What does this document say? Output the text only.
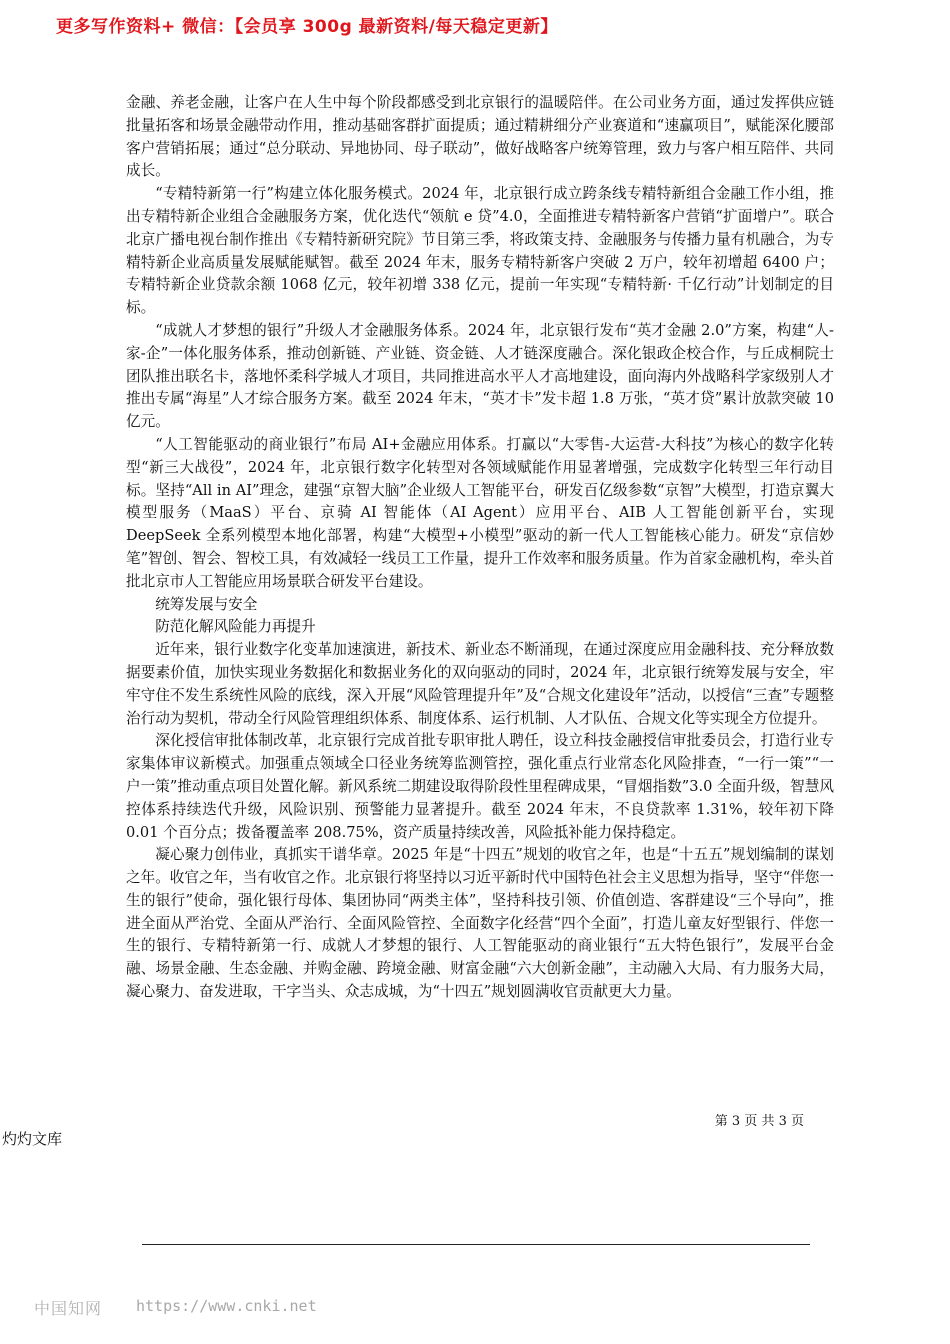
更多写作资料+ 微信：【会员享 300g 最新资料/每天稳定更新】

金融、养老金融，让客户在人生中每个阶段都感受到北京银行的温暖陪伴。在公司业务方面，通过发挥供应链批量拓客和场景金融带动作用，推动基础客群扩面提质；通过精耕细分产业赛道和“速赢项目”，赋能深化腰部客户营销拓展；通过“总分联动、异地协同、母子联动”，做好战略客户统筹管理，致力与客户相互陪伴、共同成长。

“专精特新第一行”构建立体化服务模式。2024 年，北京银行成立跨条线专精特新组合金融工作小组，推出专精特新企业组合金融服务方案，优化迭代“领航 e 贷”4.0，全面推进专精特新客户营销“扩面增户”。联合北京广播电视台制作推出《专精特新研究院》节目第三季，将政策支持、金融服务与传播力量有机融合，为专精特新企业高质量发展赋能赋智。截至 2024 年末，服务专精特新客户突破 2 万户，较年初增超 6400 户；专精特新企业贷款余额 1068 亿元，较年初增 338 亿元，提前一年实现“专精特新· 千亿行动”计划制定的目标。

“成就人才梦想的银行”升级人才金融服务体系。2024 年，北京银行发布“英才金融 2.0”方案，构建“人-家-企”一体化服务体系，推动创新链、产业链、资金链、人才链深度融合。深化银政企校合作，与丘成桐院士团队推出联名卡，落地怀柔科学城人才项目，共同推进高水平人才高地建设，面向海内外战略科学家级别人才推出专属“海星”人才综合服务方案。截至 2024 年末，“英才卡”发卡超 1.8 万张，“英才贷”累计放款突破 10 亿元。

“人工智能驱动的商业银行”布局 AI+金融应用体系。打赢以“大零售-大运营-大科技”为核心的数字化转型“新三大战役”，2024 年，北京银行数字化转型对各领域赋能作用显著增强，完成数字化转型三年行动目标。坚持“All in AI”理念，建强“京智大脑”企业级人工智能平台，研发百亿级参数“京智”大模型，打造京翼大模型服务（MaaS）平台、京骑 AI 智能体（AI Agent）应用平台、AIB 人工智能创新平台，实现 DeepSeek 全系列模型本地化部署，构建“大模型+小模型”驱动的新一代人工智能核心能力。研发“京信妙笔”智创、智会、智校工具，有效减轻一线员工工作量，提升工作效率和服务质量。作为首家金融机构，牵头首批北京市人工智能应用场景联合研发平台建设。

统筹发展与安全

防范化解风险能力再提升

近年来，银行业数字化变革加速演进，新技术、新业态不断涌现，在通过深度应用金融科技、充分释放数据要素价值，加快实现业务数据化和数据业务化的双向驱动的同时，2024 年，北京银行统筹发展与安全，牢牢守住不发生系统性风险的底线，深入开展“风险管理提升年”及“合规文化建设年”活动，以授信“三查”专题整治行动为契机，带动全行风险管理组织体系、制度体系、运行机制、人才队伍、合规文化等实现全方位提升。

深化授信审批体制改革，北京银行完成首批专职审批人聘任，设立科技金融授信审批委员会，打造行业专家集体审议新模式。加强重点领域全口径业务统筹监测管控，强化重点行业常态化风险排查，“一行一策”“一户一策”推动重点项目处置化解。新风系统二期建设取得阶段性里程碑成果，“冒烟指数”3.0 全面升级，智慧风控体系持续迭代升级，风险识别、预警能力显著提升。截至 2024 年末，不良贷款率 1.31%，较年初下降 0.01 个百分点；拨备覆盖率 208.75%，资产质量持续改善，风险抵补能力保持稳定。

凝心聚力创伟业，真抓实干谱华章。2025 年是“十四五”规划的收官之年，也是“十五五”规划编制的谋划之年。收官之年，当有收官之作。北京银行将坚持以习近平新时代中国特色社会主义思想为指导，坚守“伴您一生的银行”使命，强化银行母体、集团协同“两类主体”，坚持科技引领、价值创造、客群建设“三个导向”，推进全面从严治党、全面从严治行、全面风险管控、全面数字化经营“四个全面”，打造儿童友好型银行、伴您一生的银行、专精特新第一行、成就人才梦想的银行、人工智能驱动的商业银行“五大特色银行”，发展平台金融、场景金融、生态金融、并购金融、跨境金融、财富金融“六大创新金融”，主动融入大局、有力服务大局，凝心聚力、奋发进取，干字当头、众志成城，为“十四五”规划圆满收官贡献更大力量。

第 3 页 共 3 页
灼灼文库
中国知网 https://www.cnki.net
